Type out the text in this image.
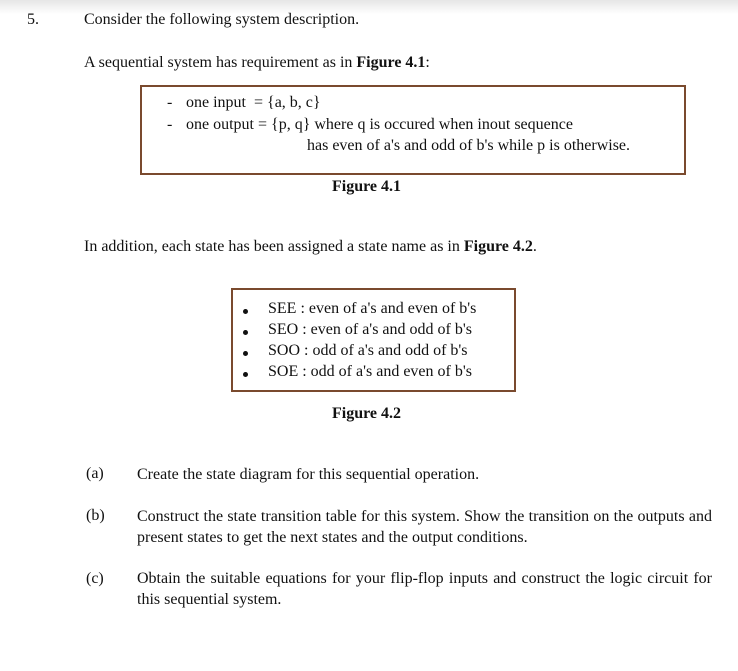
5.	Consider the following system description.
A sequential system has requirement as in Figure 4.1:
- one input  = {a, b, c}
- one output = {p, q} where q is occured when inout sequence
has even of a's and odd of b's while p is otherwise.
Figure 4.1
In addition, each state has been assigned a state name as in Figure 4.2.
SEE : even of a's and even of b's
SEO : even of a's and odd of b's
SOO : odd of a's and odd of b's
SOE : odd of a's and even of b's
Figure 4.2
(a) Create the state diagram for this sequential operation.
(b) Construct the state transition table for this system. Show the transition on the outputs and present states to get the next states and the output conditions.
(c) Obtain the suitable equations for your flip-flop inputs and construct the logic circuit for this sequential system.
